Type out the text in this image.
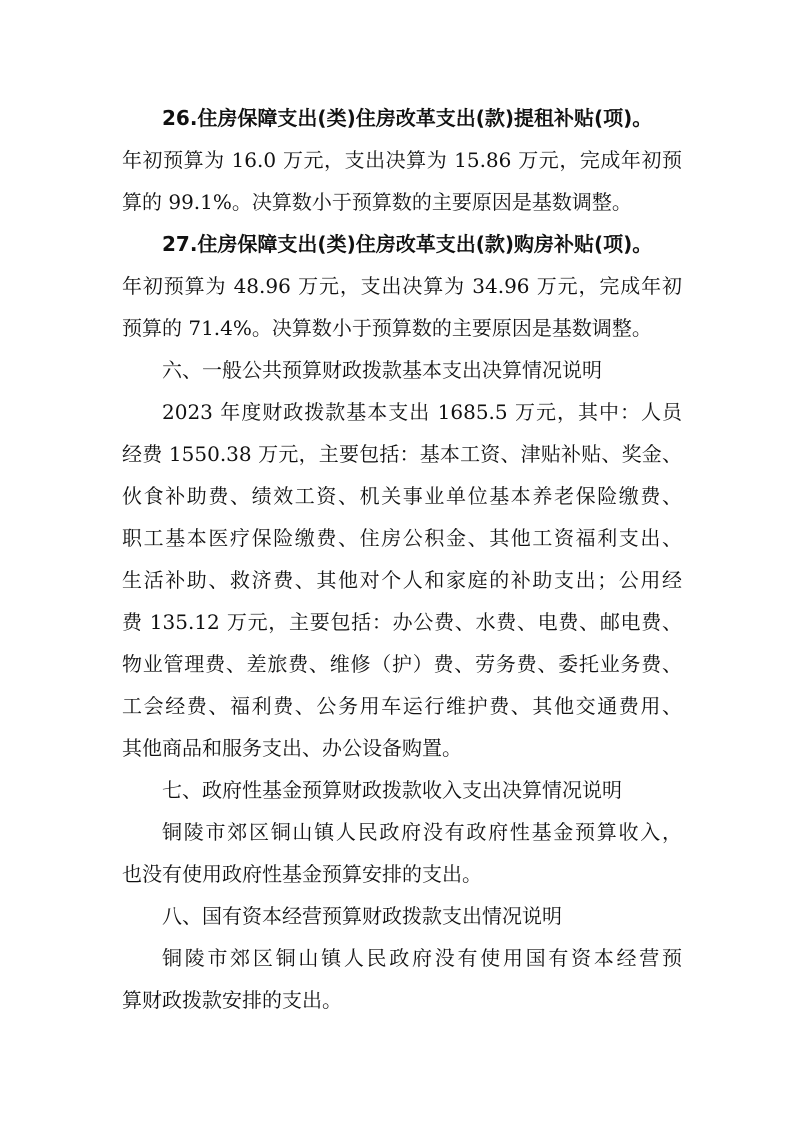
26.住房保障支出(类)住房改革支出(款)提租补贴(项)。
年初预算为 16.0 万元，支出决算为 15.86 万元，完成年初预
算的 99.1%。决算数小于预算数的主要原因是基数调整。
27.住房保障支出(类)住房改革支出(款)购房补贴(项)。
年初预算为 48.96 万元，支出决算为 34.96 万元，完成年初
预算的 71.4%。决算数小于预算数的主要原因是基数调整。
六、一般公共预算财政拨款基本支出决算情况说明
2023 年度财政拨款基本支出 1685.5 万元，其中：人员
经费 1550.38 万元，主要包括：基本工资、津贴补贴、奖金、
伙食补助费、绩效工资、机关事业单位基本养老保险缴费、
职工基本医疗保险缴费、住房公积金、其他工资福利支出、
生活补助、救济费、其他对个人和家庭的补助支出；公用经
费 135.12 万元，主要包括：办公费、水费、电费、邮电费、
物业管理费、差旅费、维修（护）费、劳务费、委托业务费、
工会经费、福利费、公务用车运行维护费、其他交通费用、
其他商品和服务支出、办公设备购置。
七、政府性基金预算财政拨款收入支出决算情况说明
铜陵市郊区铜山镇人民政府没有政府性基金预算收入，
也没有使用政府性基金预算安排的支出。
八、国有资本经营预算财政拨款支出情况说明
铜陵市郊区铜山镇人民政府没有使用国有资本经营预
算财政拨款安排的支出。
